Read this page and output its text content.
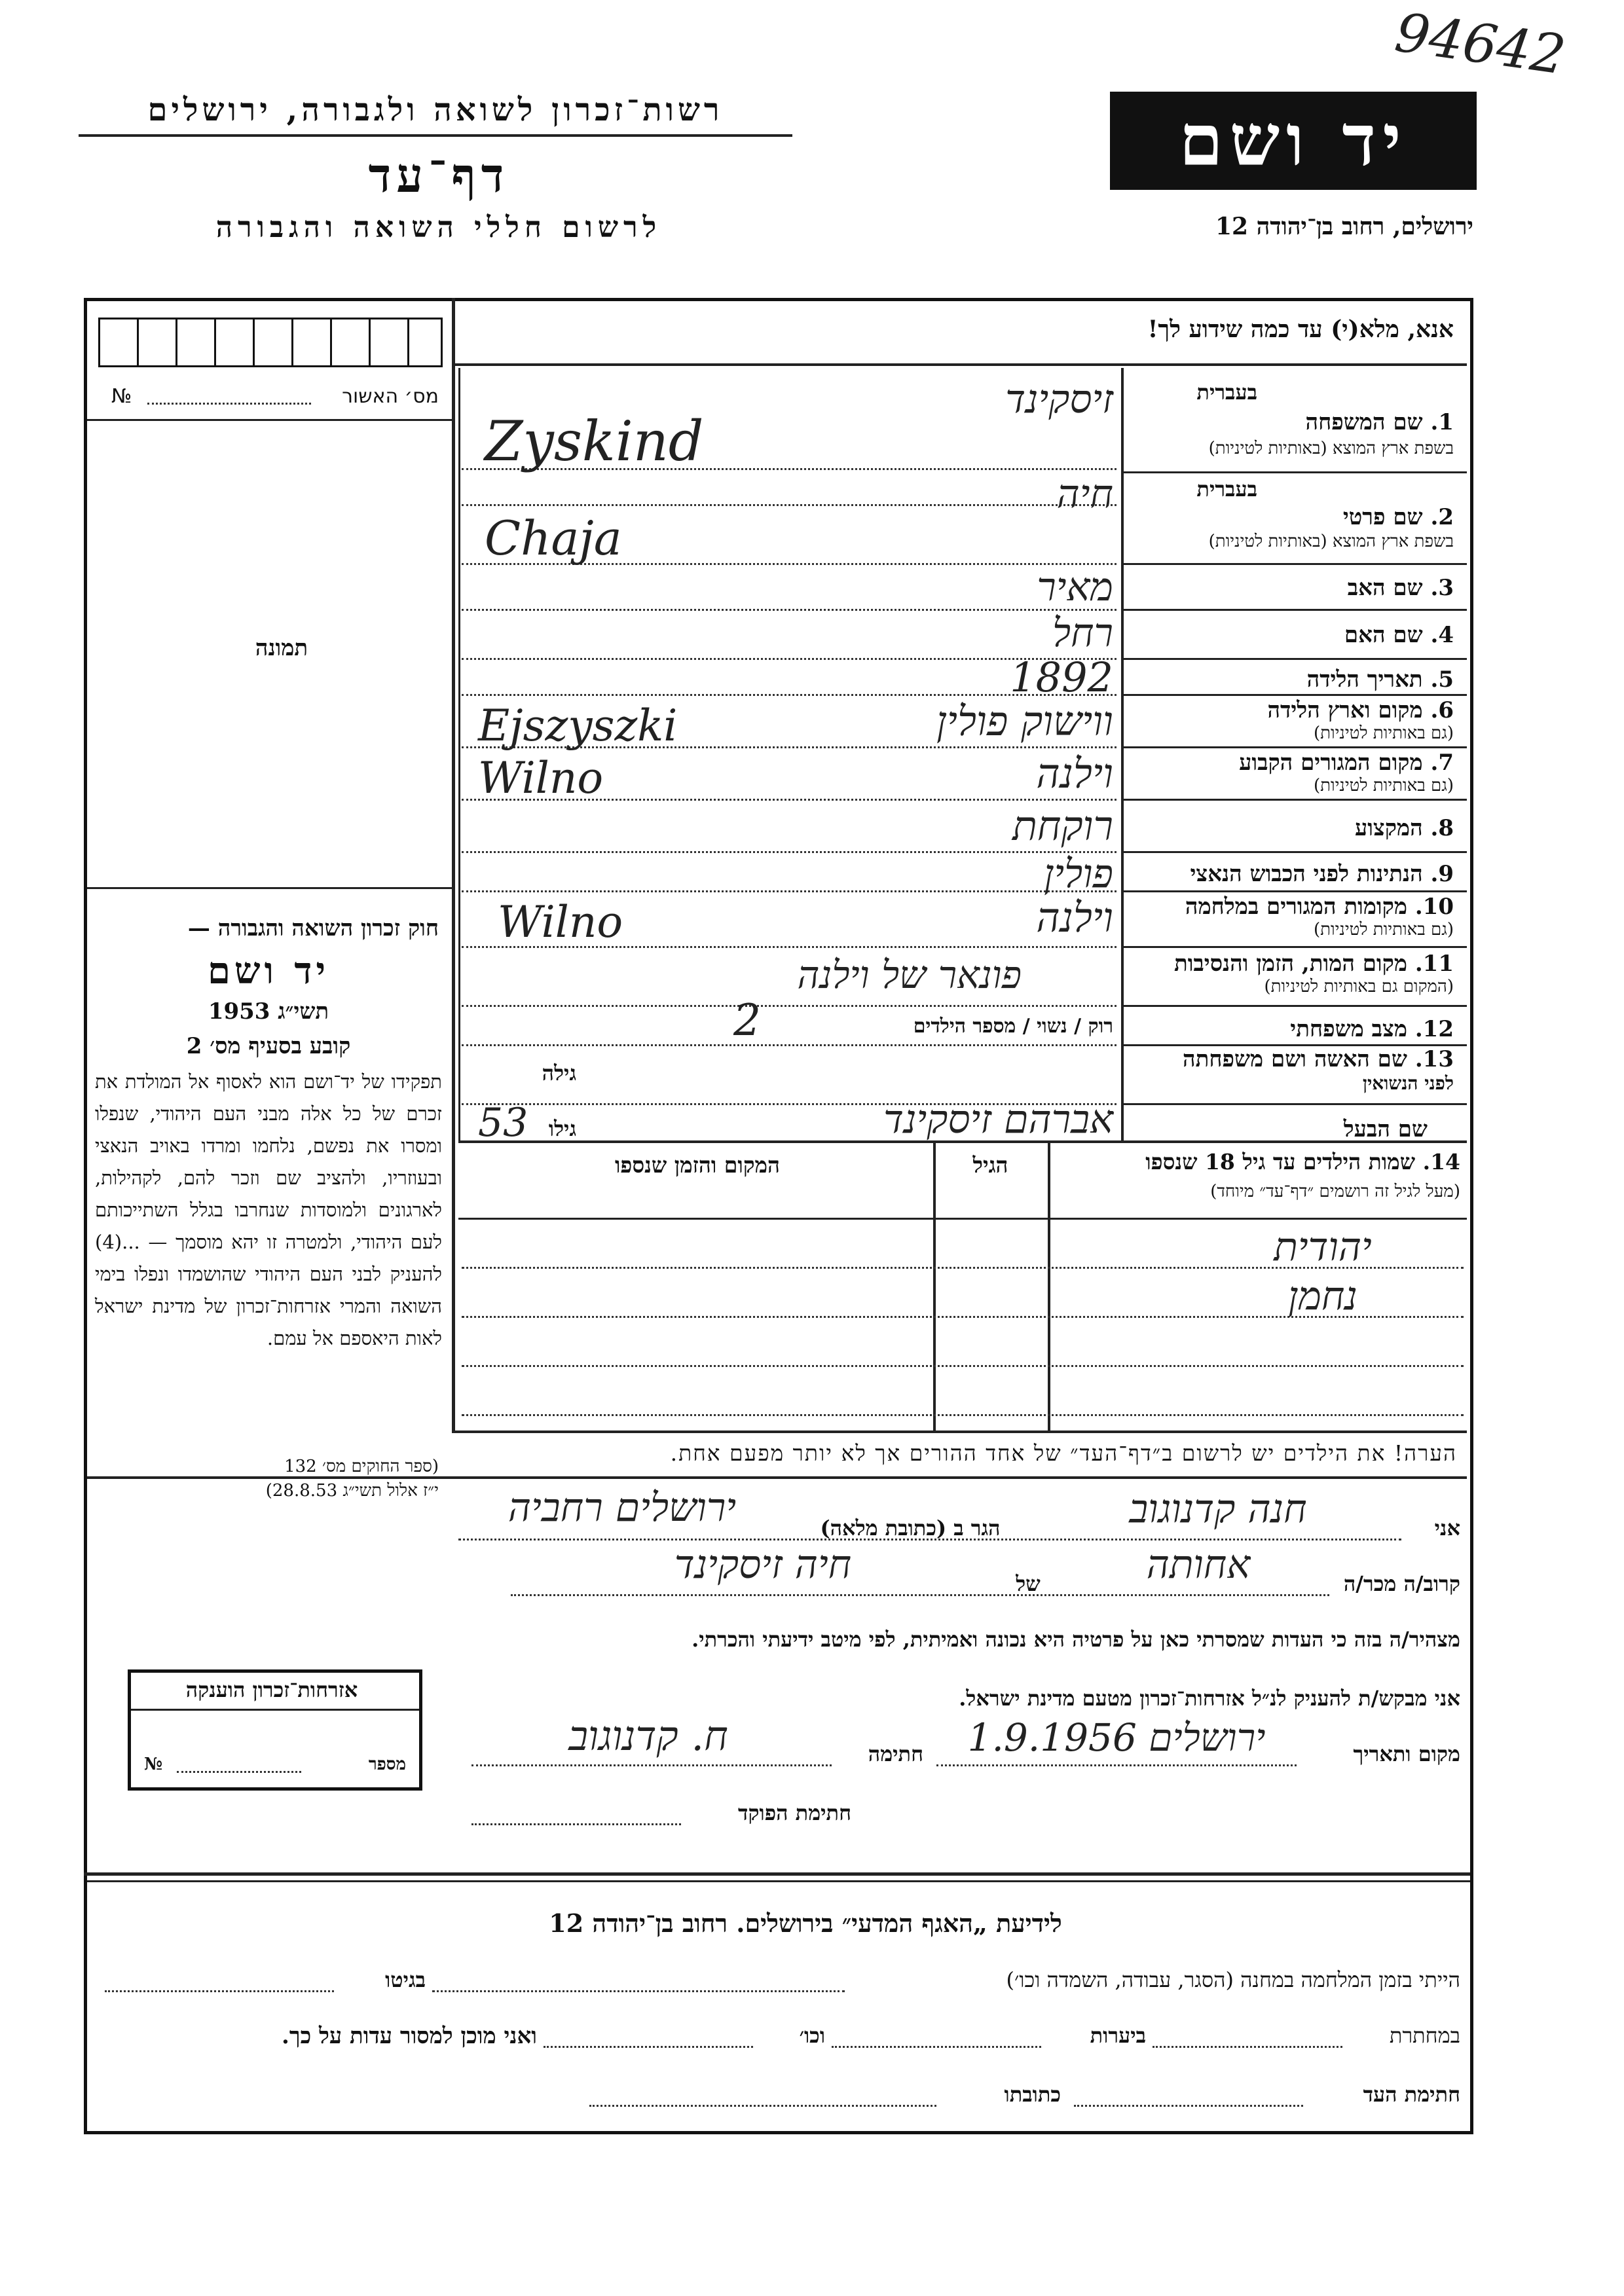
94642
רשות־זכרון לשואה ולגבורה, ירושלים
דף־עד
לרשום חללי השואה והגבורה
יד ושם
ירושלים, רחוב בן־יהודה 12
אנא, מלא(י) עד כמה שידוע לך!
מס׳ האשור
№
תמונה
חוק זכרון השואה והגבורה —
יד ושם
תשי״ג 1953
קובע בסעיף מס׳ 2
תפקידו של יד־ושם הוא לאסוף אל המולדת את זכרם של כל אלה מבני העם היהודי, שנפלו ומסרו את נפשם, נלחמו ומרדו באויב הנאצי ובעוזריו, ולהציב שם וזכר להם, לקהילות, לארגונים ולמוסדות שנחרבו בגלל השתייכותם לעם היהודי, ולמטרה זו יהא מוסמך — ...(4) להעניק לבני העם היהודי שהושמדו ונפלו בימי השואה והמרי אזרחות־זכרון של מדינת ישראל לאות היאספם אל עמם.
(ספר החוקים מס׳ 132
י״ז אלול תשי״ג 28.8.53)
אזרחות־זכרון הוענקה
מספר
№
בעברית
1. שם המשפחה
בשפת ארץ המוצא (באותיות לטיניות)
זיסקינד
Zyskind
בעברית
2. שם פרטי
בשפת ארץ המוצא (באותיות לטיניות)
חיה
Chaja
3. שם האב
מאיר
4. שם האם
רחל
5. תאריך הלידה
1892
6. מקום וארץ הלידה
(גם באותיות לטיניות)
ווישוק פולין
Ejszyszki
7. מקום המגורים הקבוע
(גם באותיות לטיניות)
וילנה
Wilno
8. המקצוע
רוקחת
9. הנתינות לפני הכבוש הנאצי
פולין
10. מקומות המגורים במלחמה
(גם באותיות לטיניות)
וילנה
Wilno
11. מקום המות, הזמן והנסיבות
(המקום גם באותיות לטיניות)
פונאר של וילנה
12. מצב משפחתי
רוק / נשוי / מספר הילדים
2
13. שם האשה ושם משפחתה
לפני הנשואין
גילה
שם הבעל
גילו
53	אברהם זיסקינד
14. שמות הילדים עד גיל 18 שנספו
(מעל לגיל זה רושמים ״דף־עד״ מיוחד)
הגיל
המקום והזמן שנספו
יהודית
נחמן
הערה! את הילדים יש לרשום ב״דף־העד״ של אחד ההורים אך לא יותר מפעם אחת.
אני
חנה קדנוגוב
הגר ב (כתובת מלאה)
ירושלים רחביה
קרוב/ה מכר/ה
אחותה
של
חיה זיסקינד
מצהיר/ה בזה כי העדות שמסרתי כאן על פרטיה היא נכונה ואמיתית, לפי מיטב ידיעתי והכרתי.
אני מבקש/ת להעניק לנ״ל אזרחות־זכרון מטעם מדינת ישראל.
מקום ותאריך
ירושלים 1.9.1956
חתימה
ח. קדנוגוב
חתימת הפוקד
לידיעת „האגף המדעי״ בירושלים. רחוב בן־יהודה 12
הייתי בזמן המלחמה במחנה (הסגר, עבודה, השמדה וכו׳)
בגיטו
במחתרת
ביערות
וכו׳
ואני מוכן למסור עדות על כך.
חתימת העד
כתובתו
